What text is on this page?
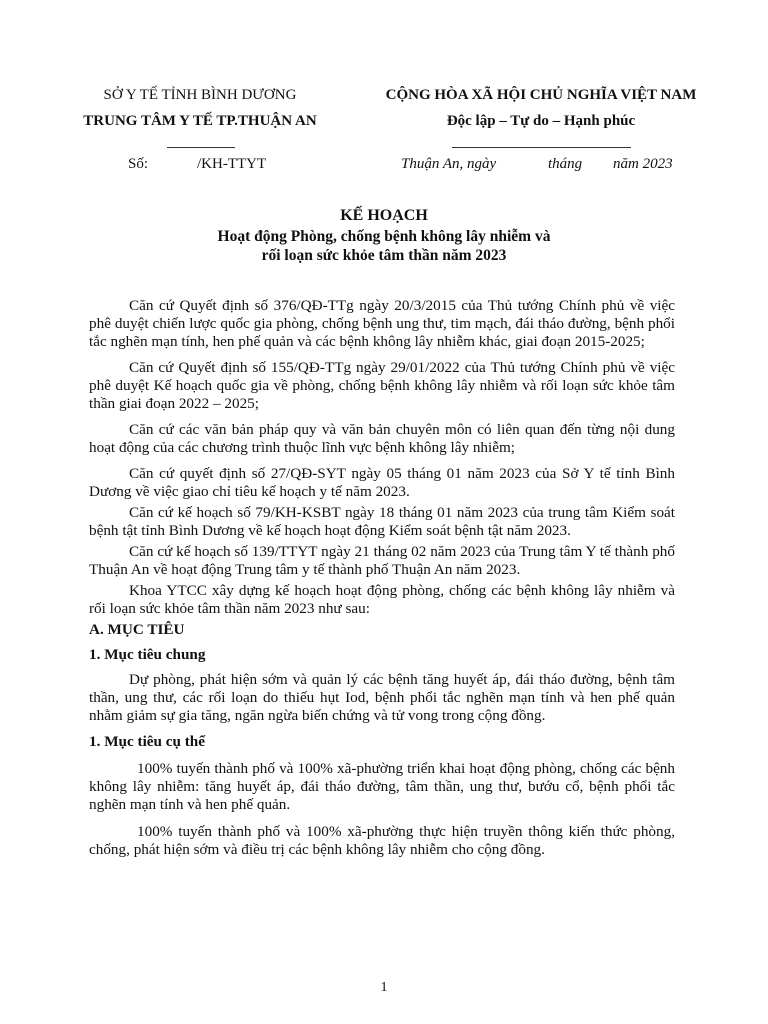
SỞ Y TẾ TỈNH BÌNH DƯƠNG
TRUNG TÂM Y TẾ TP.THUẬN AN
Số:	/KH-TTYT
CỘNG HÒA XÃ HỘI CHỦ NGHĨA VIỆT NAM
Độc lập – Tự do – Hạnh phúc
Thuận An, ngày	tháng năm 2023
KẾ HOẠCH
Hoạt động Phòng, chống bệnh không lây nhiễm và
rối loạn sức khỏe tâm thần năm 2023

Căn cứ Quyết định số 376/QĐ-TTg ngày 20/3/2015 của Thủ tướng Chính phủ về việc phê duyệt chiến lược quốc gia phòng, chống bệnh ung thư, tim mạch, đái tháo đường, bệnh phổi tắc nghẽn mạn tính, hen phế quản và các bệnh không lây nhiễm khác, giai đoạn 2015-2025;

Căn cứ Quyết định số 155/QĐ-TTg ngày 29/01/2022 của Thủ tướng Chính phủ về việc phê duyệt Kế hoạch quốc gia về phòng, chống bệnh không lây nhiễm và rối loạn sức khỏe tâm thần giai đoạn 2022 – 2025;

Căn cứ các văn bản pháp quy và văn bản chuyên môn có liên quan đến từng nội dung hoạt động của các chương trình thuộc lĩnh vực bệnh không lây nhiễm;

Căn cứ quyết định số 27/QĐ-SYT ngày 05 tháng 01 năm 2023 của Sở Y tế tỉnh Bình Dương về việc giao chỉ tiêu kế hoạch y tế năm 2023.

Căn cứ kế hoạch số 79/KH-KSBT ngày 18 tháng 01 năm 2023 của trung tâm Kiểm soát bệnh tật tỉnh Bình Dương về kế hoạch hoạt động Kiểm soát bệnh tật năm 2023.

Căn cứ kế hoạch số 139/TTYT ngày 21 tháng 02 năm 2023 của Trung tâm Y tế thành phố Thuận An về hoạt động Trung tâm y tế thành phố Thuận An năm 2023.

Khoa YTCC xây dựng kế hoạch hoạt động phòng, chống các bệnh không lây nhiễm và rối loạn sức khỏe tâm thần năm 2023 như sau:

A. MỤC TIÊU
1. Mục tiêu chung

Dự phòng, phát hiện sớm và quản lý các bệnh tăng huyết áp, đái tháo đường, bệnh tâm thần, ung thư, các rối loạn do thiếu hụt Iod, bệnh phổi tắc nghẽn mạn tính và hen phế quản nhằm giảm sự gia tăng, ngăn ngừa biến chứng và tử vong trong cộng đồng.

1. Mục tiêu cụ thể

100% tuyến thành phố và 100% xã-phường triển khai hoạt động phòng, chống các bệnh không lây nhiễm: tăng huyết áp, đái tháo đường, tâm thần, ung thư, bướu cổ, bệnh phổi tắc nghẽn mạn tính và hen phế quản.

100% tuyến thành phố và 100% xã-phường thực hiện truyền thông kiến thức phòng, chống, phát hiện sớm và điều trị các bệnh không lây nhiễm cho cộng đồng.

1
